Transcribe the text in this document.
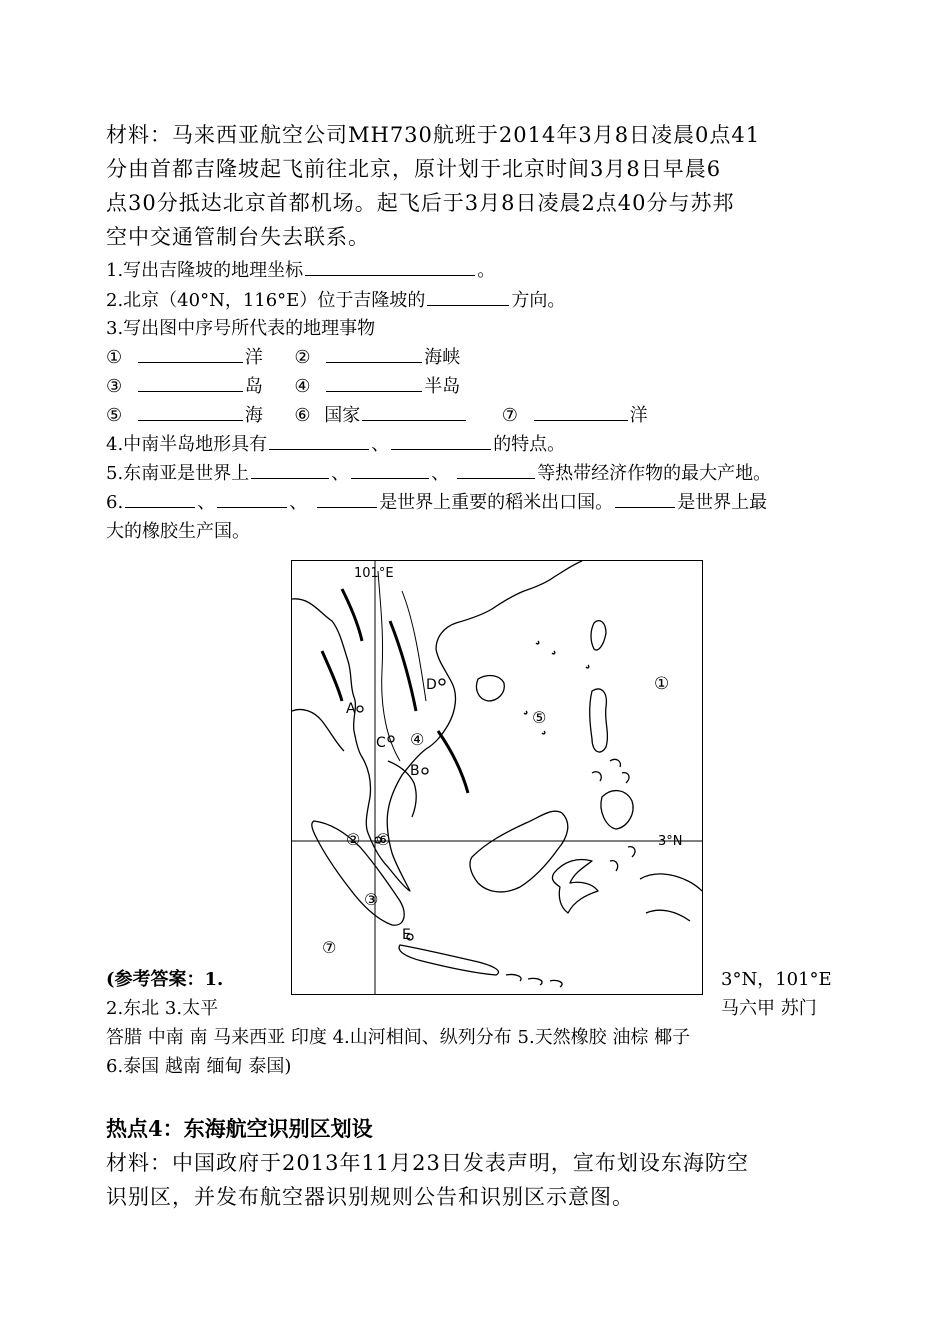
材料：马来西亚航空公司MH730航班于2014年3月8日凌晨0点41
分由首都吉隆坡起飞前往北京，原计划于北京时间3月8日早晨6
点30分抵达北京首都机场。起飞后于3月8日凌晨2点40分与苏邦
空中交通管制台失去联系。
1.写出吉隆坡的地理坐标	。
2.北京（40°N，116°E）位于吉隆坡的	方向。
3.写出图中序号所代表的地理事物
①	洋 ②	海峡
③	岛 ④	半岛
⑤	海 ⑥ 国家	⑦	洋
4.中南半岛地形具有	、	的特点。
5.东南亚是世界上	、	、	等热带经济作物的最大产地。
6.	、	、	是世界上重要的稻米出口国。	是世界上最
大的橡胶生产国。
101°E
3°N
A
C
B
D
E
①
②
③
④
⑤
⑥
⑦
(参考答案：1.	3°N，101°E
2.东北 3.太平	马六甲 苏门
答腊 中南 南 马来西亚 印度 4.山河相间、纵列分布 5.天然橡胶 油棕 椰子
6.泰国 越南 缅甸 泰国)
热点4：东海航空识别区划设
材料：中国政府于2013年11月23日发表声明，宣布划设东海防空
识别区，并发布航空器识别规则公告和识别区示意图。
